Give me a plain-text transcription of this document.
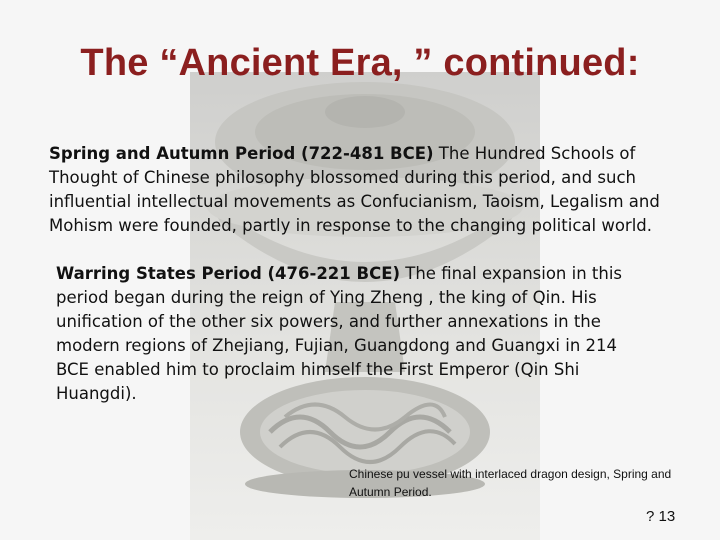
The “Ancient Era, ” continued:
Spring and Autumn Period (722-481 BCE) The Hundred Schools of Thought of Chinese philosophy blossomed during this period, and such influential intellectual movements as Confucianism, Taoism, Legalism and Mohism were founded, partly in response to the changing political world.
Warring States Period (476-221 BCE) The final expansion in this period began during the reign of Ying Zheng , the king of Qin. His unification of the other six powers, and further annexations in the modern regions of Zhejiang, Fujian, Guangdong and Guangxi in 214 BCE enabled him to proclaim himself the First Emperor (Qin Shi Huangdi).
Chinese pu vessel with interlaced dragon design, Spring and Autumn Period.
? 13
